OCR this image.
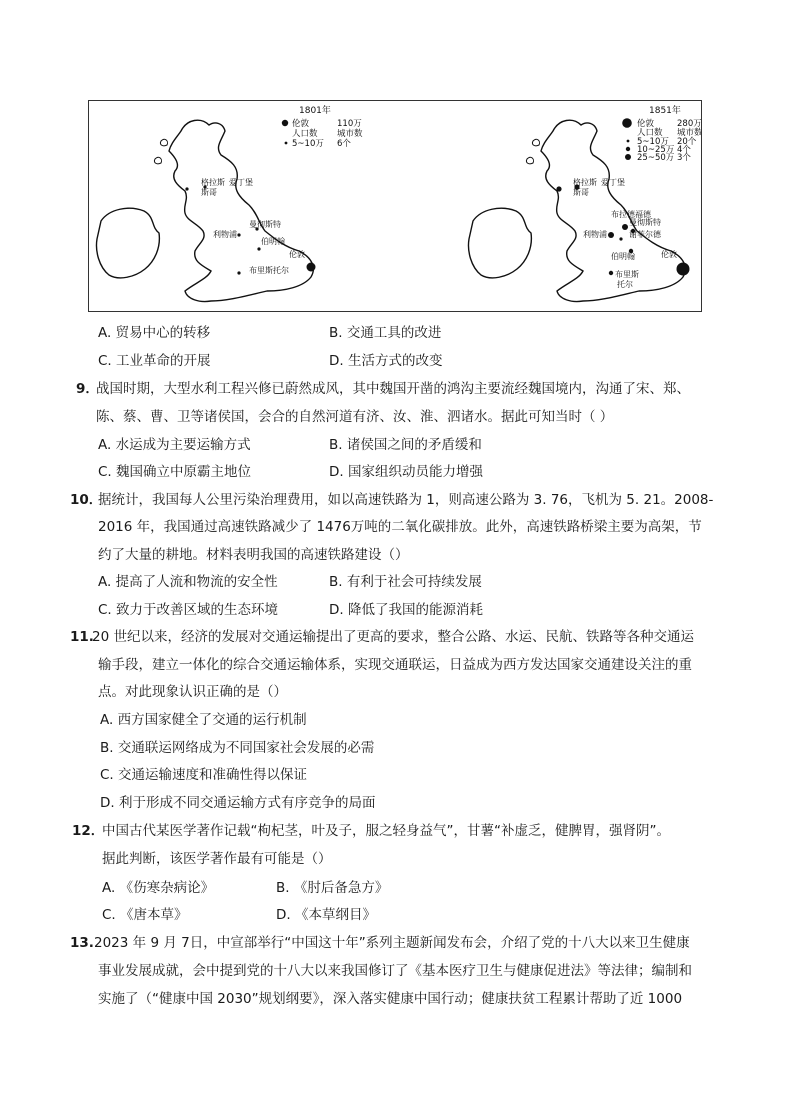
1801年
伦敦	110万
人口数 城市数
5~10万 6个
格拉斯 爱丁堡
斯哥
利物浦
曼彻斯特
伯明翰
布里斯托尔
伦敦
1851年
伦敦	280万
人口数 城市数
5~10万 20个
10~25万 4个
25~50万 3个
格拉斯 爱丁堡
斯哥
利物浦
布拉德福德
曼彻斯特
谢菲尔德
伯明翰
布里斯
托尔
伦敦
A. 贸易中心的转移	B. 交通工具的改进
C. 工业革命的开展	D. 生活方式的改变
9．
战国时期，大型水利工程兴修已蔚然成风，其中魏国开凿的鸿沟主要流经魏国境内，沟通了宋、郑、
陈、蔡、曹、卫等诸侯国，会合的自然河道有济、汝、淮、泗诸水。据此可知当时（ ）
A. 水运成为主要运输方式	B. 诸侯国之间的矛盾缓和
C. 魏国确立中原霸主地位	D. 国家组织动员能力增强
10．
据统计，我国每人公里污染治理费用，如以高速铁路为 1，则高速公路为 3. 76，飞机为 5. 21。2008-
2016 年，我国通过高速铁路减少了 1476万吨的二氧化碳排放。此外，高速铁路桥梁主要为高架，节
约了大量的耕地。材料表明我国的高速铁路建设（）
A. 提高了人流和物流的安全性	B. 有利于社会可持续发展
C. 致力于改善区域的生态环境	D. 降低了我国的能源消耗
11.
20 世纪以来，经济的发展对交通运输提出了更高的要求，整合公路、水运、民航、铁路等各种交通运
输手段，建立一体化的综合交通运输体系，实现交通联运，日益成为西方发达国家交通建设关注的重
点。对此现象认识正确的是（）
A. 西方国家健全了交通的运行机制
B. 交通联运网络成为不同国家社会发展的必需
C. 交通运输速度和准确性得以保证
D. 利于形成不同交通运输方式有序竞争的局面
12．
中国古代某医学著作记载“枸杞茎，叶及子，服之轻身益气”，甘薯“补虚乏，健脾胃，强肾阴”。
据此判断，该医学著作最有可能是（）
A. 《伤寒杂病论》	B. 《肘后备急方》
C. 《唐本草》	D. 《本草纲目》
13. 2023 年 9 月 7日，中宣部举行“中国这十年”系列主题新闻发布会，介绍了党的十八大以来卫生健康
事业发展成就，会中提到党的十八大以来我国修订了《基本医疗卫生与健康促进法》等法律；编制和
实施了（“健康中国 2030”规划纲要》，深入落实健康中国行动；健康扶贫工程累计帮助了近 1000
